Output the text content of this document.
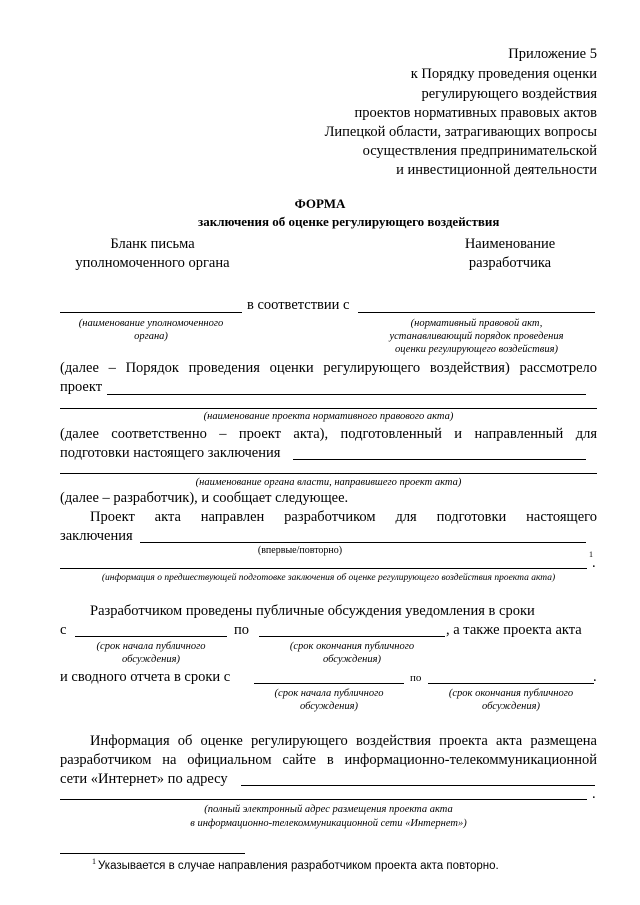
Приложение 5
к Порядку проведения оценки
регулирующего воздействия
проектов нормативных правовых актов
Липецкой области, затрагивающих вопросы
осуществления предпринимательской
и инвестиционной деятельности
ФОРМА
заключения об оценке регулирующего воздействия
Бланк письма
уполномоченного органа
Наименование
разработчика
в соответствии с
(наименование уполномоченного
органа)
(нормативный правовой акт,
устанавливающий порядок проведения
оценки регулирующего воздействия)
(далее – Порядок проведения оценки регулирующего воздействия) рассмотрело
проект
(наименование проекта нормативного правового акта)
(далее соответственно – проект акта), подготовленный и направленный для
подготовки настоящего заключения
(наименование органа власти, направившего проект акта)
(далее – разработчик), и сообщает следующее.
Проект   акта   направлен   разработчиком   для   подготовки   настоящего
заключения
(впервые/повторно)	1
.
(информация о предшествующей подготовке заключения об оценке регулирующего воздействия проекта акта)
Разработчиком проведены публичные обсуждения уведомления в сроки
с	по	, а также проекта акта
(срок начала публичного
обсуждения)
(срок окончания публичного
обсуждения)
и сводного отчета в сроки с	по	.
(срок начала публичного
обсуждения)
(срок окончания публичного
обсуждения)
Информация об оценке регулирующего воздействия проекта акта размещена
разработчиком на официальном сайте в информационно-телекоммуникационной
сети «Интернет» по адресу
.
(полный электронный адрес размещения проекта акта
в информационно-телекоммуникационной сети «Интернет»)
1 Указывается в случае направления разработчиком проекта акта повторно.
